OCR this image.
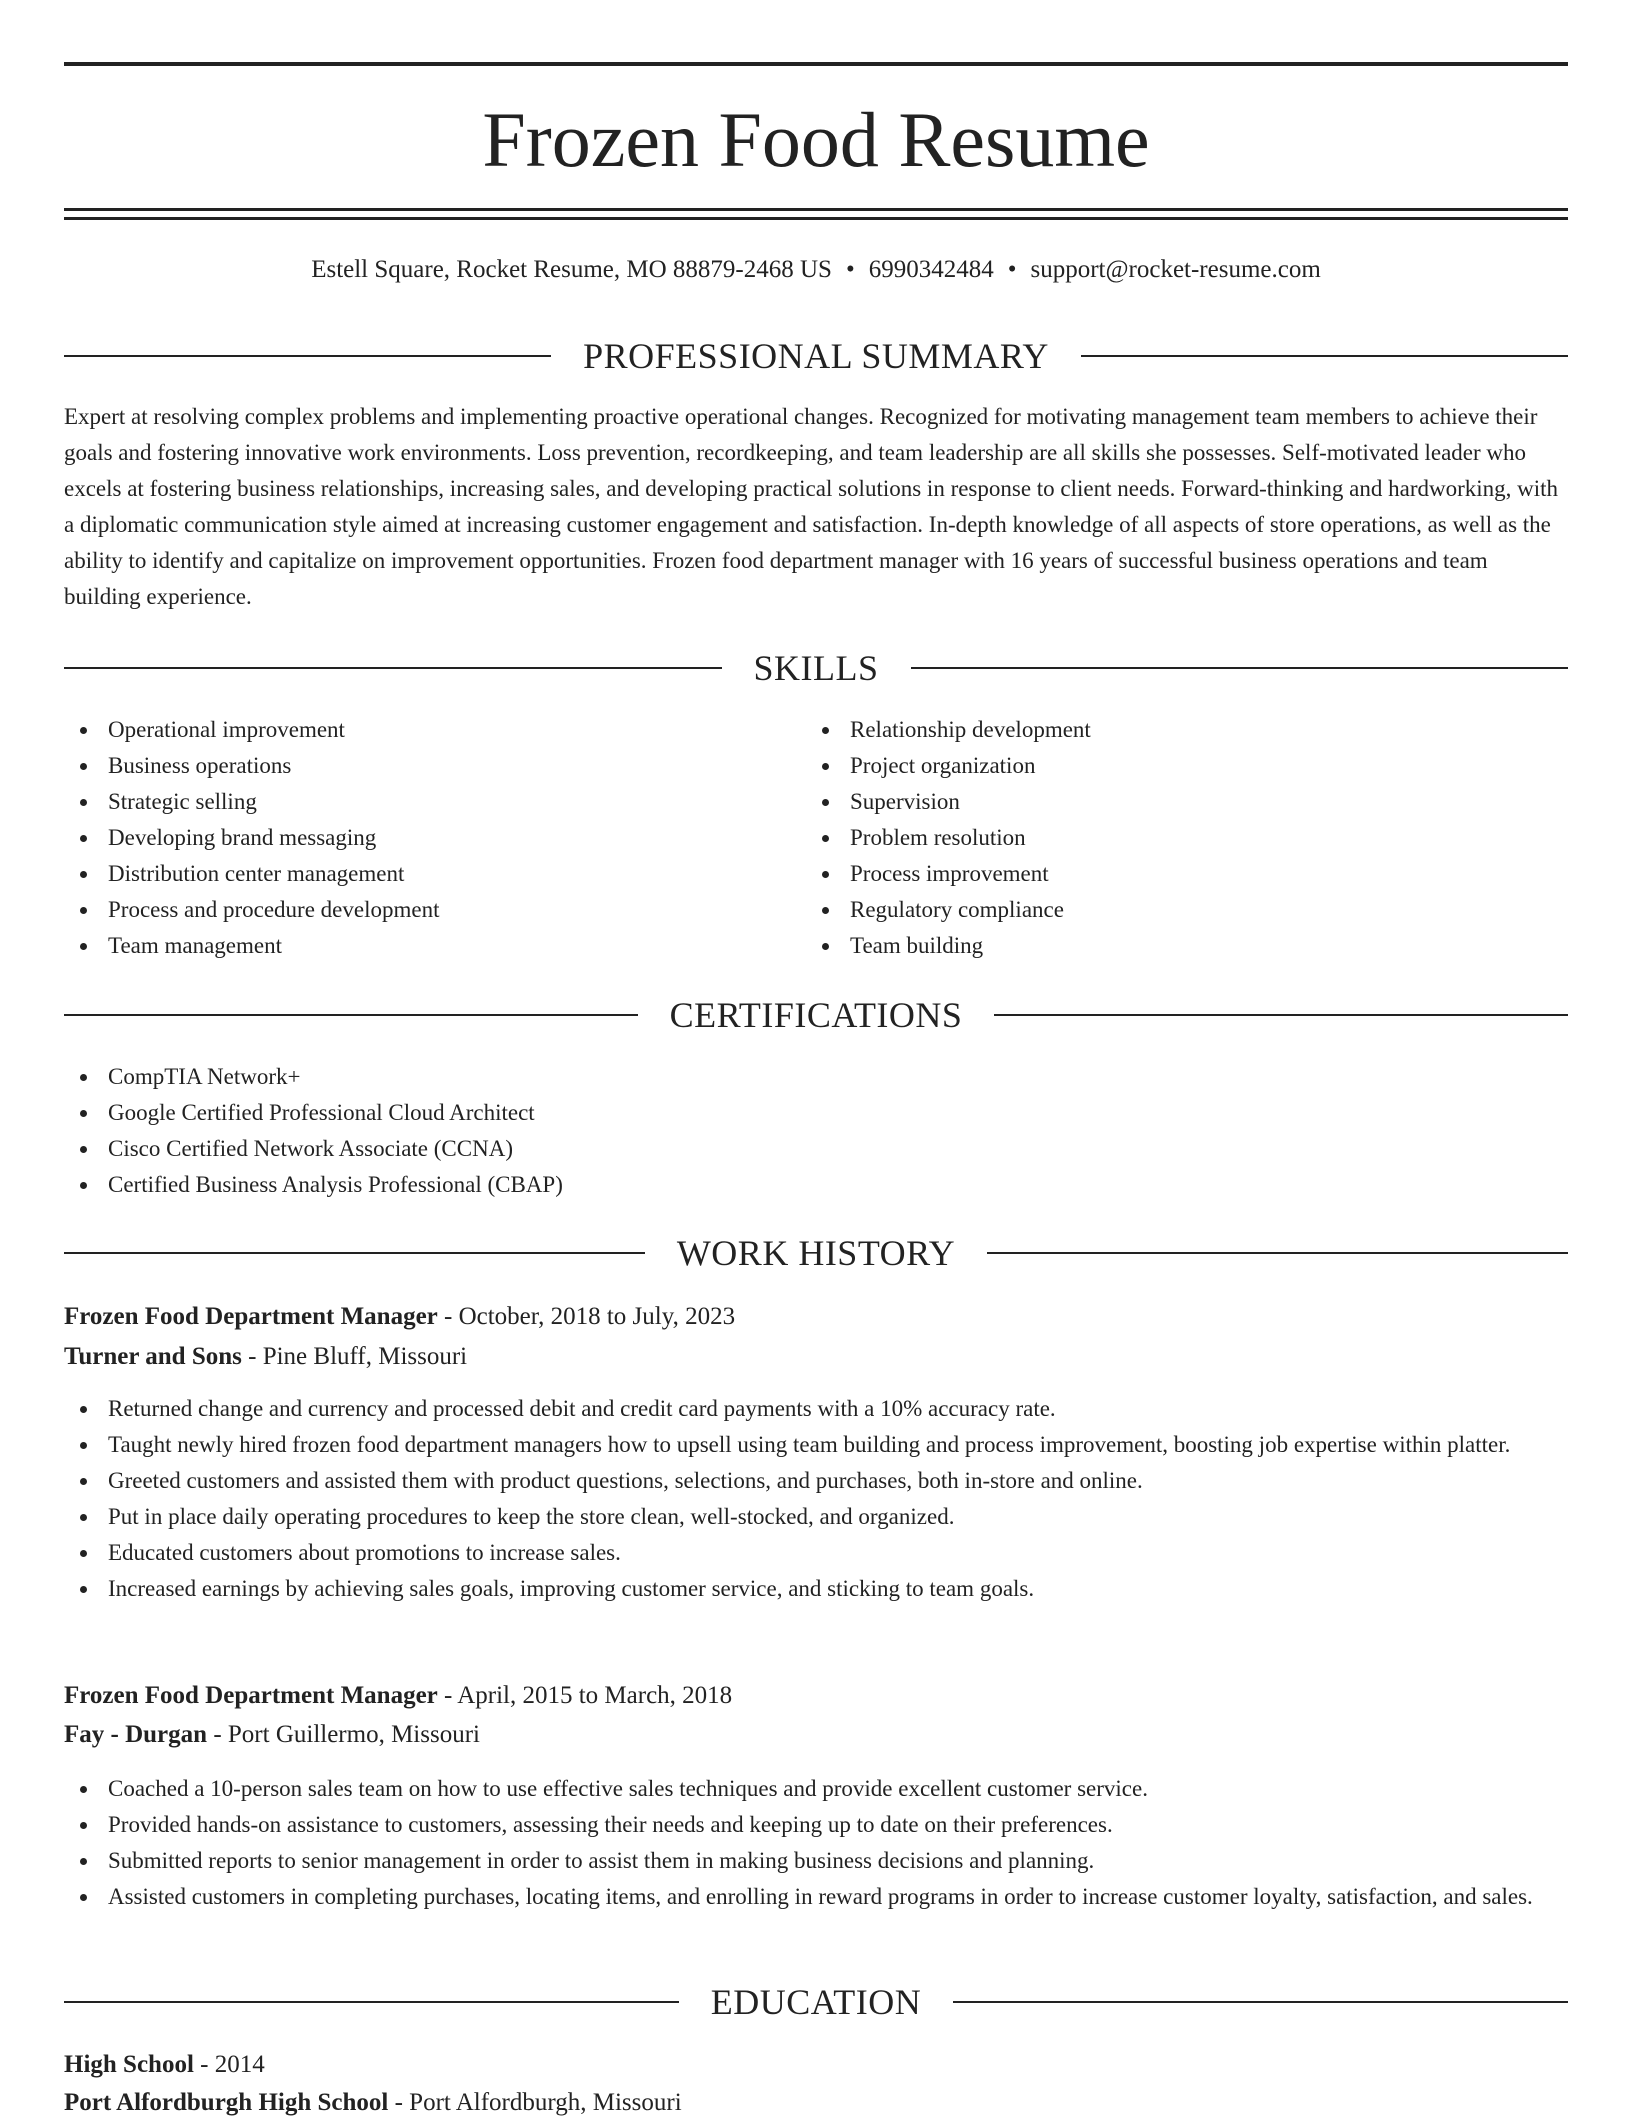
Frozen Food Resume
Estell Square, Rocket Resume, MO 88879-2468 US • 6990342484 • support@rocket-resume.com
PROFESSIONAL SUMMARY

Expert at resolving complex problems and implementing proactive operational changes. Recognized for motivating management team members to achieve their goals and fostering innovative work environments. Loss prevention, recordkeeping, and team leadership are all skills she possesses. Self-motivated leader who excels at fostering business relationships, increasing sales, and developing practical solutions in response to client needs. Forward-thinking and hardworking, with a diplomatic communication style aimed at increasing customer engagement and satisfaction. In-depth knowledge of all aspects of store operations, as well as the ability to identify and capitalize on improvement opportunities. Frozen food department manager with 16 years of successful business operations and team building experience.

SKILLS
Operational improvement
Business operations
Strategic selling
Developing brand messaging
Distribution center management
Process and procedure development
Team management
Relationship development
Project organization
Supervision
Problem resolution
Process improvement
Regulatory compliance
Team building
CERTIFICATIONS
CompTIA Network+
Google Certified Professional Cloud Architect
Cisco Certified Network Associate (CCNA)
Certified Business Analysis Professional (CBAP)
WORK HISTORY
Frozen Food Department Manager - October, 2018 to July, 2023
Turner and Sons - Pine Bluff, Missouri
Returned change and currency and processed debit and credit card payments with a 10% accuracy rate.
Taught newly hired frozen food department managers how to upsell using team building and process improvement, boosting job expertise within platter.
Greeted customers and assisted them with product questions, selections, and purchases, both in-store and online.
Put in place daily operating procedures to keep the store clean, well-stocked, and organized.
Educated customers about promotions to increase sales.
Increased earnings by achieving sales goals, improving customer service, and sticking to team goals.
Frozen Food Department Manager - April, 2015 to March, 2018
Fay - Durgan - Port Guillermo, Missouri
Coached a 10-person sales team on how to use effective sales techniques and provide excellent customer service.
Provided hands-on assistance to customers, assessing their needs and keeping up to date on their preferences.
Submitted reports to senior management in order to assist them in making business decisions and planning.
Assisted customers in completing purchases, locating items, and enrolling in reward programs in order to increase customer loyalty, satisfaction, and sales.
EDUCATION
High School - 2014
Port Alfordburgh High School - Port Alfordburgh, Missouri
